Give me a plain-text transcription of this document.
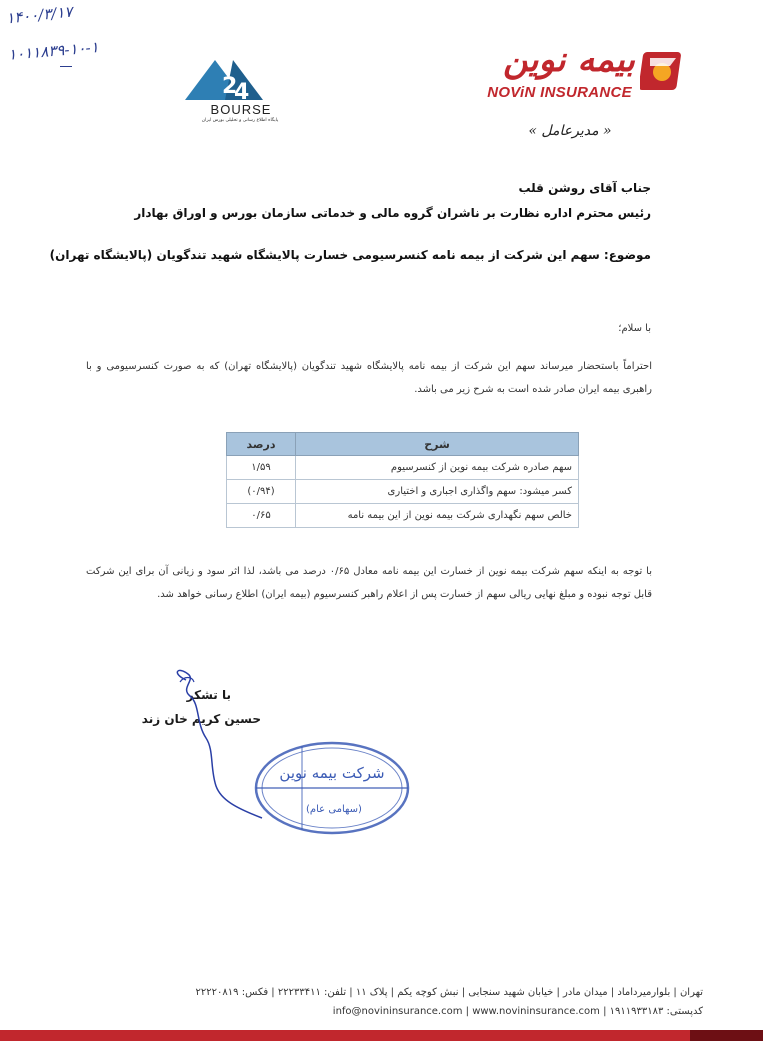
۱۴۰۰/۳/۱۷
۱۰۱۱۸۳۹-۱۰-۱
2
4
BOURSE
پایگاه اطلاع رسانی و تحلیلی بورس ایران
بیمه نوین
NOViN INSURANCE
« مدیرعامل »
جناب آقای روشن قلب
رئیس محترم اداره نظارت بر ناشران گروه مالی و خدماتی سازمان بورس و اوراق بهادار
موضوع: سهم این شرکت از بیمه نامه کنسرسیومی خسارت پالایشگاه شهید تندگویان (پالایشگاه تهران)
با سلام؛
احتراماً باستحضار میرساند سهم این شرکت از بیمه نامه پالایشگاه شهید تندگویان (پالایشگاه تهران) که به صورت کنسرسیومی و با راهبری بیمه ایران صادر شده است به شرح زیر می باشد.
شرح	درصد
سهم صادره شرکت بیمه نوین از کنسرسیوم	۱/۵۹
کسر میشود: سهم واگذاری اجباری و اختیاری	(۰/۹۴)
خالص سهم نگهداری شرکت بیمه نوین از این بیمه نامه	۰/۶۵
با توجه به اینکه سهم شرکت بیمه نوین از خسارت این بیمه نامه معادل ۰/۶۵ درصد می باشد، لذا اثر سود و زیانی آن برای این شرکت قابل توجه نبوده و مبلغ نهایی ریالی سهم از خسارت پس از اعلام راهبر کنسرسیوم (بیمه ایران) اطلاع رسانی خواهد شد.
با تشکر
حسین کریم خان زند
شرکت بیمه نوین
(سهامی عام)
تهران | بلوارمیرداماد | میدان مادر | خیابان شهید سنجابی | نبش کوچه یکم | پلاک ۱۱ | تلفن: ۲۲۲۳۳۴۱۱ | فکس: ۲۲۲۲۰۸۱۹
کدپستی: ۱۹۱۱۹۳۳۱۸۳ | info@novininsurance.com | www.novininsurance.com
